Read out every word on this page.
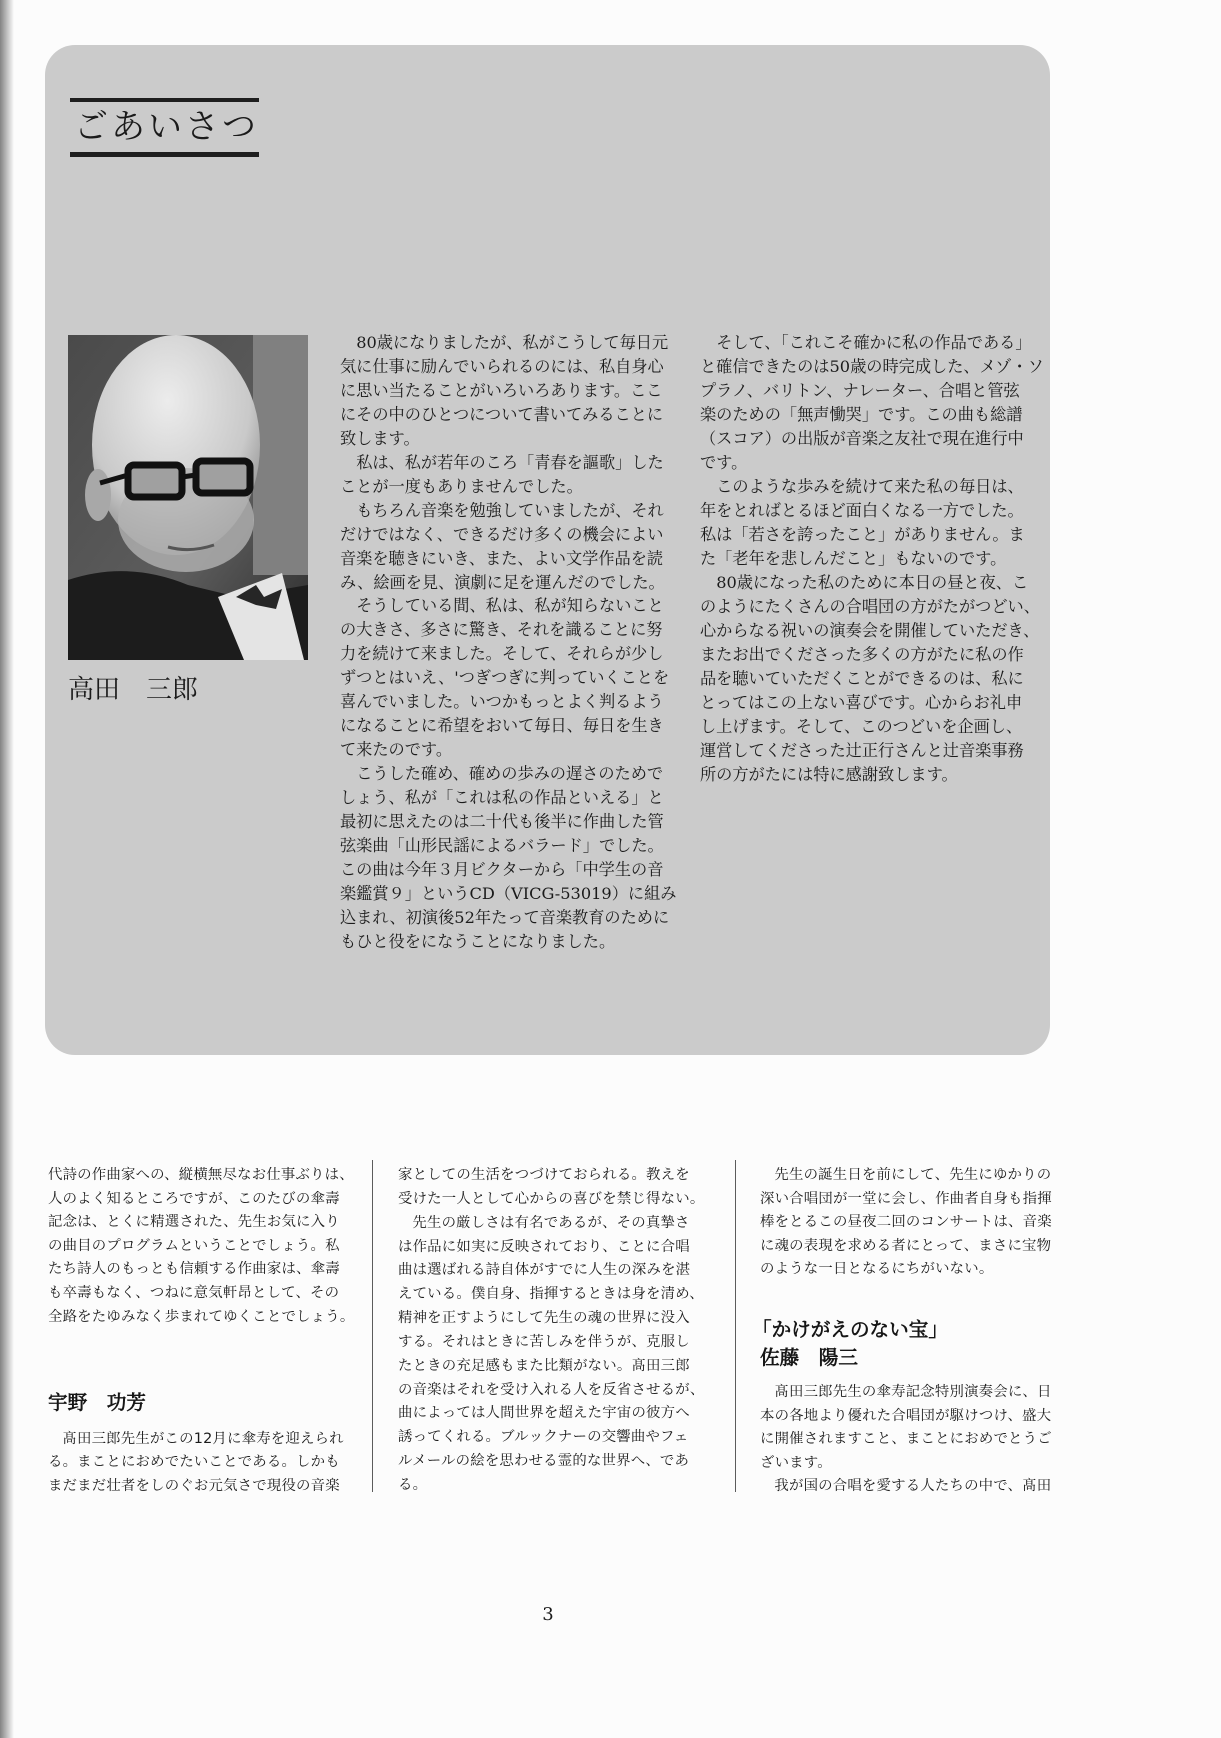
ごあいさつ
高田　三郎
80歳になりましたが、私がこうして毎日元
気に仕事に励んでいられるのには、私自身心
に思い当たることがいろいろあります。ここ
にその中のひとつについて書いてみることに
致します。
私は、私が若年のころ「青春を謳歌」した
ことが一度もありませんでした。
もちろん音楽を勉強していましたが、それ
だけではなく、できるだけ多くの機会によい
音楽を聴きにいき、また、よい文学作品を読
み、絵画を見、演劇に足を運んだのでした。
そうしている間、私は、私が知らないこと
の大きさ、多さに驚き、それを識ることに努
力を続けて来ました。そして、それらが少し
ずつとはいえ、'つぎつぎに判っていくことを
喜んでいました。いつかもっとよく判るよう
になることに希望をおいて毎日、毎日を生き
て来たのです。
こうした確め、確めの歩みの遅さのためで
しょう、私が「これは私の作品といえる」と
最初に思えたのは二十代も後半に作曲した管
弦楽曲「山形民謡によるバラード」でした。
この曲は今年３月ビクターから「中学生の音
楽鑑賞９」というCD（VICG-53019）に組み
込まれ、初演後52年たって音楽教育のために
もひと役をになうことになりました。
そして、「これこそ確かに私の作品である」
と確信できたのは50歳の時完成した、メゾ・ソ
プラノ、バリトン、ナレーター、合唱と管弦
楽のための「無声慟哭」です。この曲も総譜
（スコア）の出版が音楽之友社で現在進行中
です。
このような歩みを続けて来た私の毎日は、
年をとればとるほど面白くなる一方でした。
私は「若さを誇ったこと」がありません。ま
た「老年を悲しんだこと」もないのです。
80歳になった私のために本日の昼と夜、こ
のようにたくさんの合唱団の方がたがつどい、
心からなる祝いの演奏会を開催していただき、
またお出でくださった多くの方がたに私の作
品を聴いていただくことができるのは、私に
とってはこの上ない喜びです。心からお礼申
し上げます。そして、このつどいを企画し、
運営してくださった辻正行さんと辻音楽事務
所の方がたには特に感謝致します。
代詩の作曲家への、縦横無尽なお仕事ぶりは、
人のよく知るところですが、このたびの傘壽
記念は、とくに精選された、先生お気に入り
の曲目のプログラムということでしょう。私
たち詩人のもっとも信頼する作曲家は、傘壽
も卒壽もなく、つねに意気軒昂として、その
全路をたゆみなく歩まれてゆくことでしょう。
宇野　功芳
髙田三郎先生がこの12月に傘寿を迎えられ
る。まことにおめでたいことである。しかも
まだまだ壮者をしのぐお元気さで現役の音楽
家としての生活をつづけておられる。教えを
受けた一人として心からの喜びを禁じ得ない。
先生の厳しさは有名であるが、その真摯さ
は作品に如実に反映されており、ことに合唱
曲は選ばれる詩自体がすでに人生の深みを湛
えている。僕自身、指揮するときは身を清め、
精神を正すようにして先生の魂の世界に没入
する。それはときに苦しみを伴うが、克服し
たときの充足感もまた比類がない。髙田三郎
の音楽はそれを受け入れる人を反省させるが、
曲によっては人間世界を超えた宇宙の彼方へ
誘ってくれる。ブルックナーの交響曲やフェ
ルメールの絵を思わせる霊的な世界へ、であ
る。
先生の誕生日を前にして、先生にゆかりの
深い合唱団が一堂に会し、作曲者自身も指揮
棒をとるこの昼夜二回のコンサートは、音楽
に魂の表現を求める者にとって、まさに宝物
のような一日となるにちがいない。
「かけがえのない宝」
佐藤　陽三
髙田三郎先生の傘寿記念特別演奏会に、日
本の各地より優れた合唱団が駆けつけ、盛大
に開催されますこと、まことにおめでとうご
ざいます。
我が国の合唱を愛する人たちの中で、髙田
3
